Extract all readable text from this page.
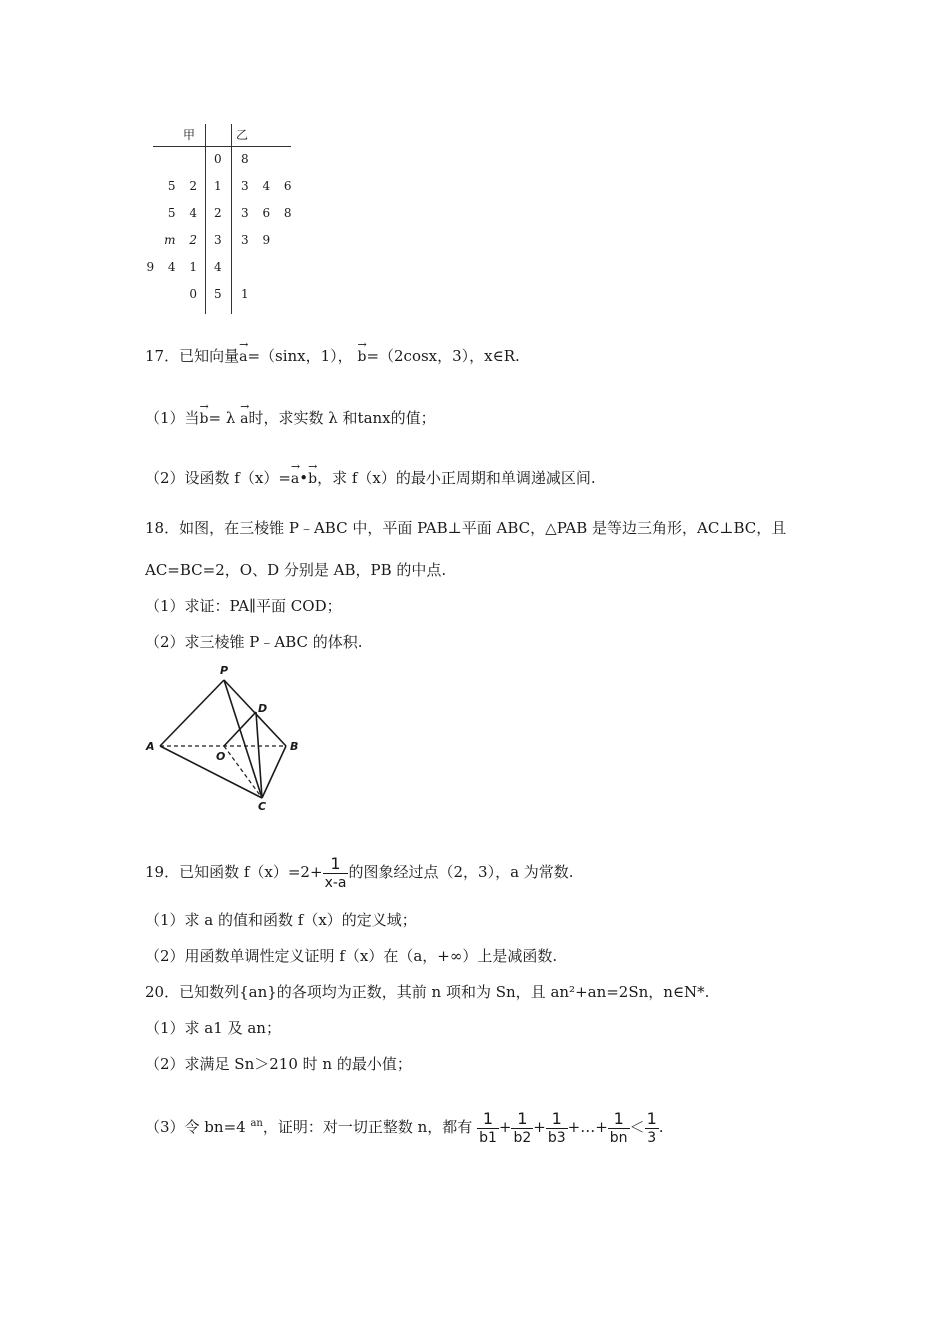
甲	乙
0 8
5 2 1 3 4 6
5 4 2 3 6 8
m 2 3 3 9
9 4 1 4
0 5 1
17．已知向量
→
a=（sinx，1），
→
b=（2cosx，3），x∈R.
（1）当
→
b= λ
→
a时，求实数 λ 和tanx的值；
（2）设函数 f（x）=
→
a•
→
b，求 f（x）的最小正周期和单调递减区间.
18．如图，在三棱锥 P﹣ABC 中，平面 PAB⊥平面 ABC，△PAB 是等边三角形，AC⊥BC，且
AC=BC=2，O、D 分别是 AB，PB 的中点.
（1）求证：PA∥平面 COD；
（2）求三棱锥 P﹣ABC 的体积.
P
A	B
C
D
O
19．已知函数 $f(x)=2+ \frac{1}{x-a}$ 的图象经过点（2，3），a 为常数.
（1）求 a 的值和函数 f（x）的定义域；
（2）用函数单调性定义证明 f（x）在（a，+∞）上是减函数.
20．已知数列{an}的各项均为正数，其前 n 项和为 Sn，且 an²+an=2Sn，n∈N*.
（1）求 a1 及 an；
（2）求满足 Sn＞210 时 n 的最小值；
（3）令 bn=4 $^{an}$，证明：对一切正整数 n，都有 $\frac{1}{b1} + \frac{1}{b2} + \frac{1}{b3}$ +…+ $\frac{1}{bn} < \frac{1}{3}$ .
